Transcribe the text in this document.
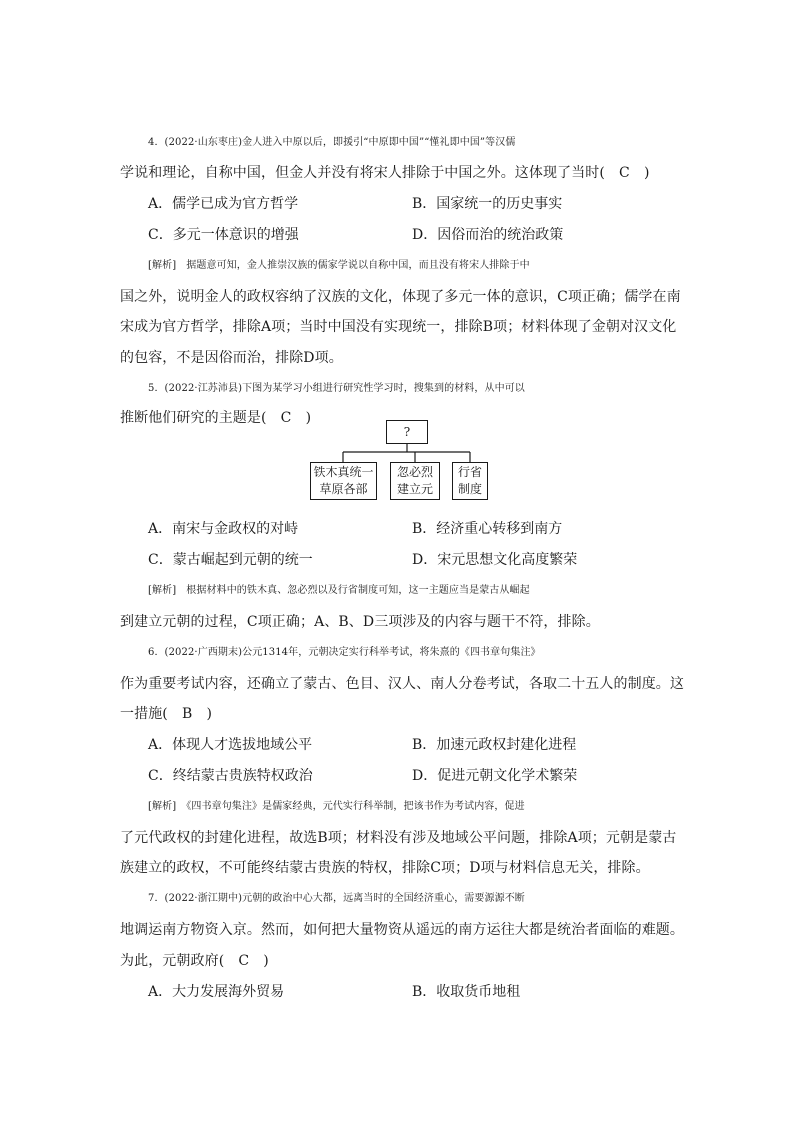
4．(2022·山东枣庄)金人进入中原以后，即援引“中原即中国”“慬礼即中国”等汉儒
学说和理论，自称中国，但金人并没有将宋人排除于中国之外。这体现了当时(　C　)
A．儒学已成为官方哲学	B．国家统一的历史事实
C．多元一体意识的增强	D．因俗而治的统治政策
[解析]　据题意可知，金人推崇汉族的儒家学说以自称中国，而且没有将宋人排除于中
国之外，说明金人的政权容纳了汉族的文化，体现了多元一体的意识，C项正确；儒学在南
宋成为官方哲学，排除A项；当时中国没有实现统一，排除B项；材料体现了金朝对汉文化
的包容，不是因俗而治，排除D项。
5．(2022·江苏沛县)下图为某学习小组进行研究性学习时，搜集到的材料，从中可以
推断他们研究的主题是(　C　)
?
铁木真统一
草原各部
忽必烈
建立元
行省
制度
A．南宋与金政权的对峙	B．经济重心转移到南方
C．蒙古崛起到元朝的统一	D．宋元思想文化高度繁荣
[解析]　根据材料中的铁木真、忽必烈以及行省制度可知，这一主题应当是蒙古从崛起
到建立元朝的过程，C项正确；A、B、D三项涉及的内容与题干不符，排除。
6．(2022·广西期末)公元1314年，元朝决定实行科举考试，将朱熹的《四书章句集注》
作为重要考试内容，还确立了蒙古、色目、汉人、南人分卷考试，各取二十五人的制度。这
一措施(　B　)
A．体现人才选拔地域公平	B．加速元政权封建化进程
C．终结蒙古贵族特权政治	D．促进元朝文化学术繁荣
[解析]　《四书章句集注》是儒家经典，元代实行科举制，把该书作为考试内容，促进
了元代政权的封建化进程，故选B项；材料没有涉及地域公平问题，排除A项；元朝是蒙古
族建立的政权，不可能终结蒙古贵族的特权，排除C项；D项与材料信息无关，排除。
7．(2022·浙江期中)元朝的政治中心大都，远离当时的全国经济重心，需要源源不断
地调运南方物资入京。然而，如何把大量物资从遥远的南方运往大都是统治者面临的难题。
为此，元朝政府(　C　)
A．大力发展海外贸易	B．收取货币地租
